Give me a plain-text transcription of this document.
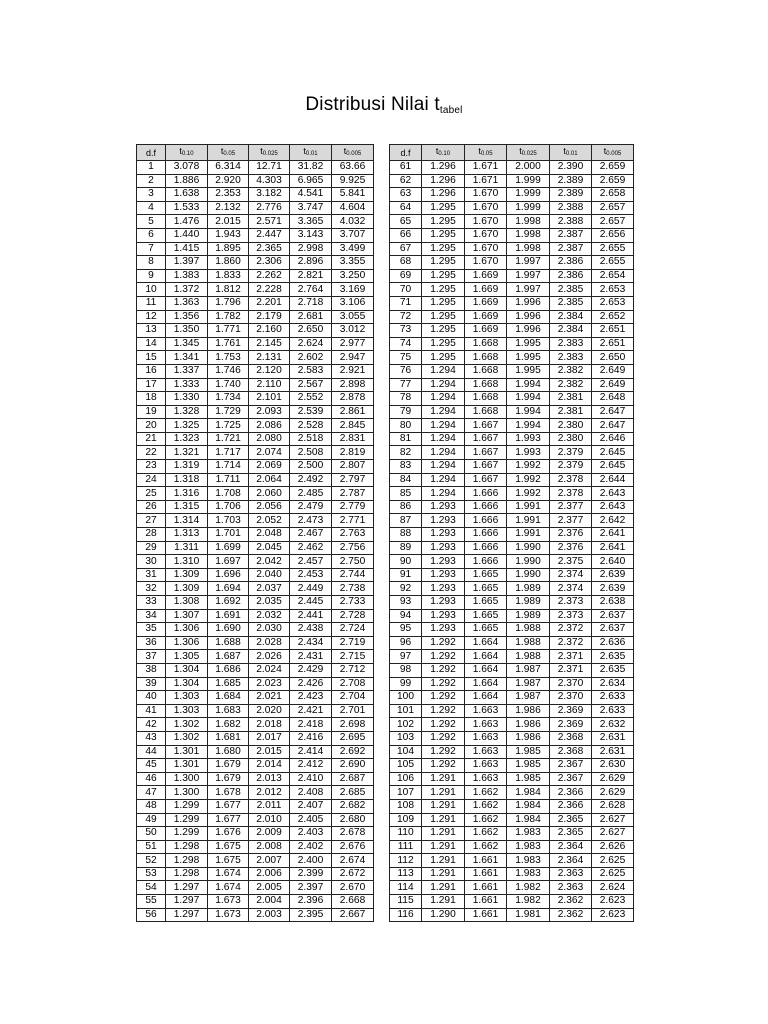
Distribusi Nilai $t_{tabel}$
d.f	$t_{0.10}$	$t_{0.05}$	$t_{0.025}$	$t_{0.01}$	$t_{0.005}$
1	3.078	6.314	12.71	31.82	63.66
2	1.886	2.920	4.303	6.965	9.925
3	1.638	2.353	3.182	4.541	5.841
4	1.533	2.132	2.776	3.747	4.604
5	1.476	2.015	2.571	3.365	4.032
6	1.440	1.943	2.447	3.143	3.707
7	1.415	1.895	2.365	2.998	3.499
8	1.397	1.860	2.306	2.896	3.355
9	1.383	1.833	2.262	2.821	3.250
10	1.372	1.812	2.228	2.764	3.169
11	1.363	1.796	2.201	2.718	3.106
12	1.356	1.782	2.179	2.681	3.055
13	1.350	1.771	2.160	2.650	3.012
14	1.345	1.761	2.145	2.624	2.977
15	1.341	1.753	2.131	2.602	2.947
16	1.337	1.746	2.120	2.583	2.921
17	1.333	1.740	2.110	2.567	2.898
18	1.330	1.734	2.101	2.552	2.878
19	1.328	1.729	2.093	2.539	2.861
20	1.325	1.725	2.086	2.528	2.845
21	1.323	1.721	2.080	2.518	2.831
22	1.321	1.717	2.074	2.508	2.819
23	1.319	1.714	2.069	2.500	2.807
24	1.318	1.711	2.064	2.492	2.797
25	1.316	1.708	2.060	2.485	2.787
26	1.315	1.706	2.056	2.479	2.779
27	1.314	1.703	2.052	2.473	2.771
28	1.313	1.701	2.048	2.467	2.763
29	1.311	1.699	2.045	2.462	2.756
30	1.310	1.697	2.042	2.457	2.750
31	1.309	1.696	2.040	2.453	2.744
32	1.309	1.694	2.037	2.449	2.738
33	1.308	1.692	2.035	2.445	2.733
34	1.307	1.691	2.032	2.441	2.728
35	1.306	1.690	2.030	2.438	2.724
36	1.306	1.688	2.028	2.434	2.719
37	1.305	1.687	2.026	2.431	2.715
38	1.304	1.686	2.024	2.429	2.712
39	1.304	1.685	2.023	2.426	2.708
40	1.303	1.684	2.021	2.423	2.704
41	1.303	1.683	2.020	2.421	2.701
42	1.302	1.682	2.018	2.418	2.698
43	1.302	1.681	2.017	2.416	2.695
44	1.301	1.680	2.015	2.414	2.692
45	1.301	1.679	2.014	2.412	2.690
46	1.300	1.679	2.013	2.410	2.687
47	1.300	1.678	2.012	2.408	2.685
48	1.299	1.677	2.011	2.407	2.682
49	1.299	1.677	2.010	2.405	2.680
50	1.299	1.676	2.009	2.403	2.678
51	1.298	1.675	2.008	2.402	2.676
52	1.298	1.675	2.007	2.400	2.674
53	1.298	1.674	2.006	2.399	2.672
54	1.297	1.674	2.005	2.397	2.670
55	1.297	1.673	2.004	2.396	2.668
56	1.297	1.673	2.003	2.395	2.667
d.f	$t_{0.10}$	$t_{0.05}$	$t_{0.025}$	$t_{0.01}$	$t_{0.005}$
61	1.296	1.671	2.000	2.390	2.659
62	1.296	1.671	1.999	2.389	2.659
63	1.296	1.670	1.999	2.389	2.658
64	1.295	1.670	1.999	2.388	2.657
65	1.295	1.670	1.998	2.388	2.657
66	1.295	1.670	1.998	2.387	2.656
67	1.295	1.670	1.998	2.387	2.655
68	1.295	1.670	1.997	2.386	2.655
69	1.295	1.669	1.997	2.386	2.654
70	1.295	1.669	1.997	2.385	2.653
71	1.295	1.669	1.996	2.385	2.653
72	1.295	1.669	1.996	2.384	2.652
73	1.295	1.669	1.996	2.384	2.651
74	1.295	1.668	1.995	2.383	2.651
75	1.295	1.668	1.995	2.383	2.650
76	1.294	1.668	1.995	2.382	2.649
77	1.294	1.668	1.994	2.382	2.649
78	1.294	1.668	1.994	2.381	2.648
79	1.294	1.668	1.994	2.381	2.647
80	1.294	1.667	1.994	2.380	2.647
81	1.294	1.667	1.993	2.380	2.646
82	1.294	1.667	1.993	2.379	2.645
83	1.294	1.667	1.992	2.379	2.645
84	1.294	1.667	1.992	2.378	2.644
85	1.294	1.666	1.992	2.378	2.643
86	1.293	1.666	1.991	2.377	2.643
87	1.293	1.666	1.991	2.377	2.642
88	1.293	1.666	1.991	2.376	2.641
89	1.293	1.666	1.990	2.376	2.641
90	1.293	1.666	1.990	2.375	2.640
91	1.293	1.665	1.990	2.374	2.639
92	1.293	1.665	1.989	2.374	2.639
93	1.293	1.665	1.989	2.373	2.638
94	1.293	1.665	1.989	2.373	2.637
95	1.293	1.665	1.988	2.372	2.637
96	1.292	1.664	1.988	2.372	2.636
97	1.292	1.664	1.988	2.371	2.635
98	1.292	1.664	1.987	2.371	2.635
99	1.292	1.664	1.987	2.370	2.634
100	1.292	1.664	1.987	2.370	2.633
101	1.292	1.663	1.986	2.369	2.633
102	1.292	1.663	1.986	2.369	2.632
103	1.292	1.663	1.986	2.368	2.631
104	1.292	1.663	1.985	2.368	2.631
105	1.292	1.663	1.985	2.367	2.630
106	1.291	1.663	1.985	2.367	2.629
107	1.291	1.662	1.984	2.366	2.629
108	1.291	1.662	1.984	2.366	2.628
109	1.291	1.662	1.984	2.365	2.627
110	1.291	1.662	1.983	2.365	2.627
111	1.291	1.662	1.983	2.364	2.626
112	1.291	1.661	1.983	2.364	2.625
113	1.291	1.661	1.983	2.363	2.625
114	1.291	1.661	1.982	2.363	2.624
115	1.291	1.661	1.982	2.362	2.623
116	1.290	1.661	1.981	2.362	2.623
